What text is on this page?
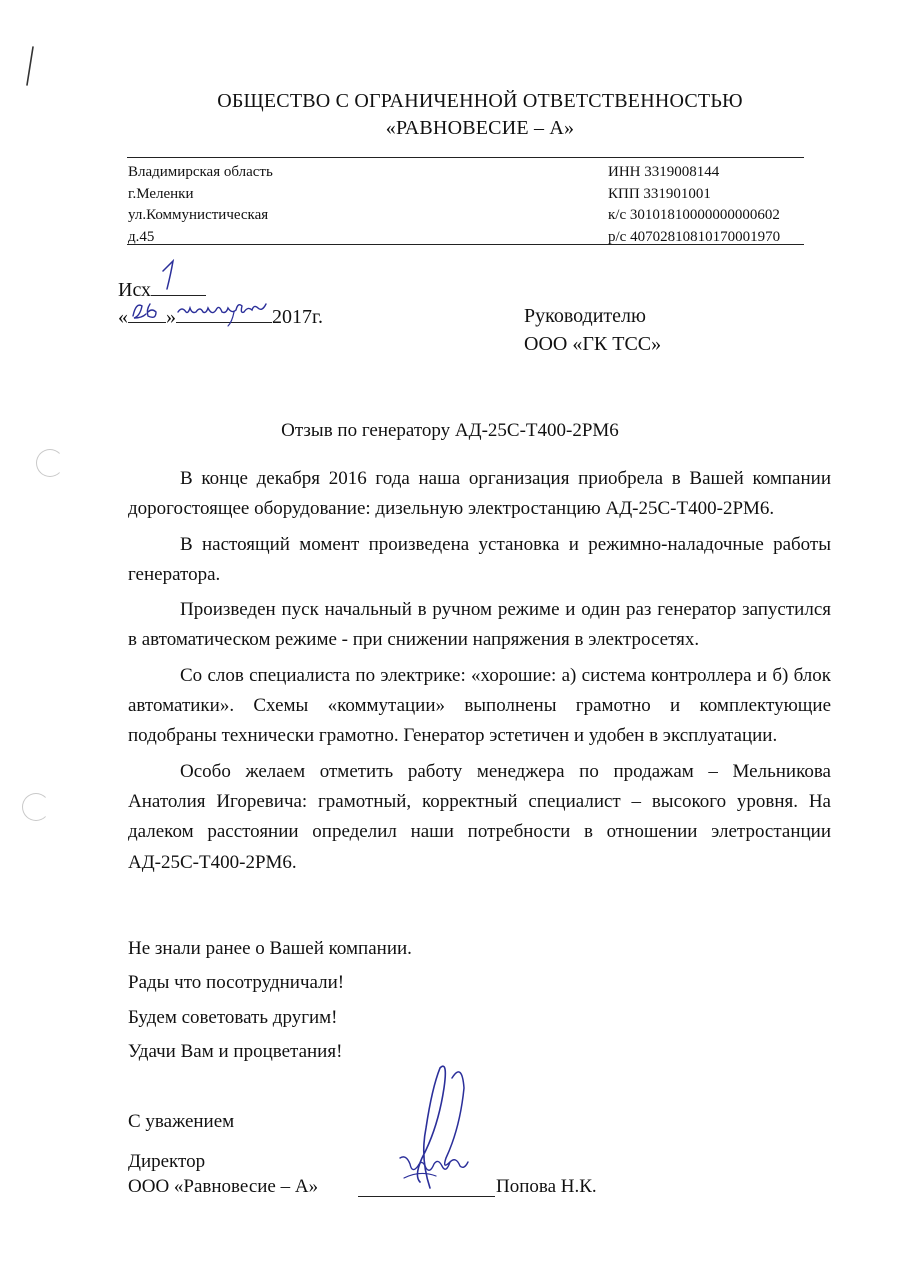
ОБЩЕСТВО С ОГРАНИЧЕННОЙ ОТВЕТСТВЕННОСТЬЮ
«РАВНОВЕСИЕ – А»
Владимирская область
г.Меленки
ул.Коммунистическая
д.45
ИНН 3319008144
КПП 331901001
к/с 30101810000000000602
р/с 40702810810170001970
Исх
« »	2017г.	Руководителю
ООО «ГК ТСС»
Отзыв по генератору АД-25С-Т400-2РМ6

В конце декабря 2016 года наша организация приобрела в Вашей компании дорогостоящее оборудование: дизельную электростанцию АД-25С-Т400-2РМ6.

В настоящий момент произведена установка и режимно-наладочные работы генератора.

Произведен пуск начальный в ручном режиме и один раз генератор запустился в автоматическом режиме - при снижении напряжения в электросетях.

Со слов специалиста по электрике: «хорошие: а) система контроллера и б) блок автоматики». Схемы «коммутации» выполнены грамотно и комплектующие подобраны технически грамотно. Генератор эстетичен и удобен в эксплуатации.

Особо желаем отметить работу менеджера по продажам – Мельникова Анатолия Игоревича: грамотный, корректный специалист – высокого уровня. На далеком расстоянии определил наши потребности в отношении элетростанции АД-25С-Т400-2РМ6.

Не знали ранее о Вашей компании.
Рады что посотрудничали!
Будем советовать другим!
Удачи Вам и процветания!
С уважением
Директор
ООО «Равновесие – А»	Попова Н.К.
